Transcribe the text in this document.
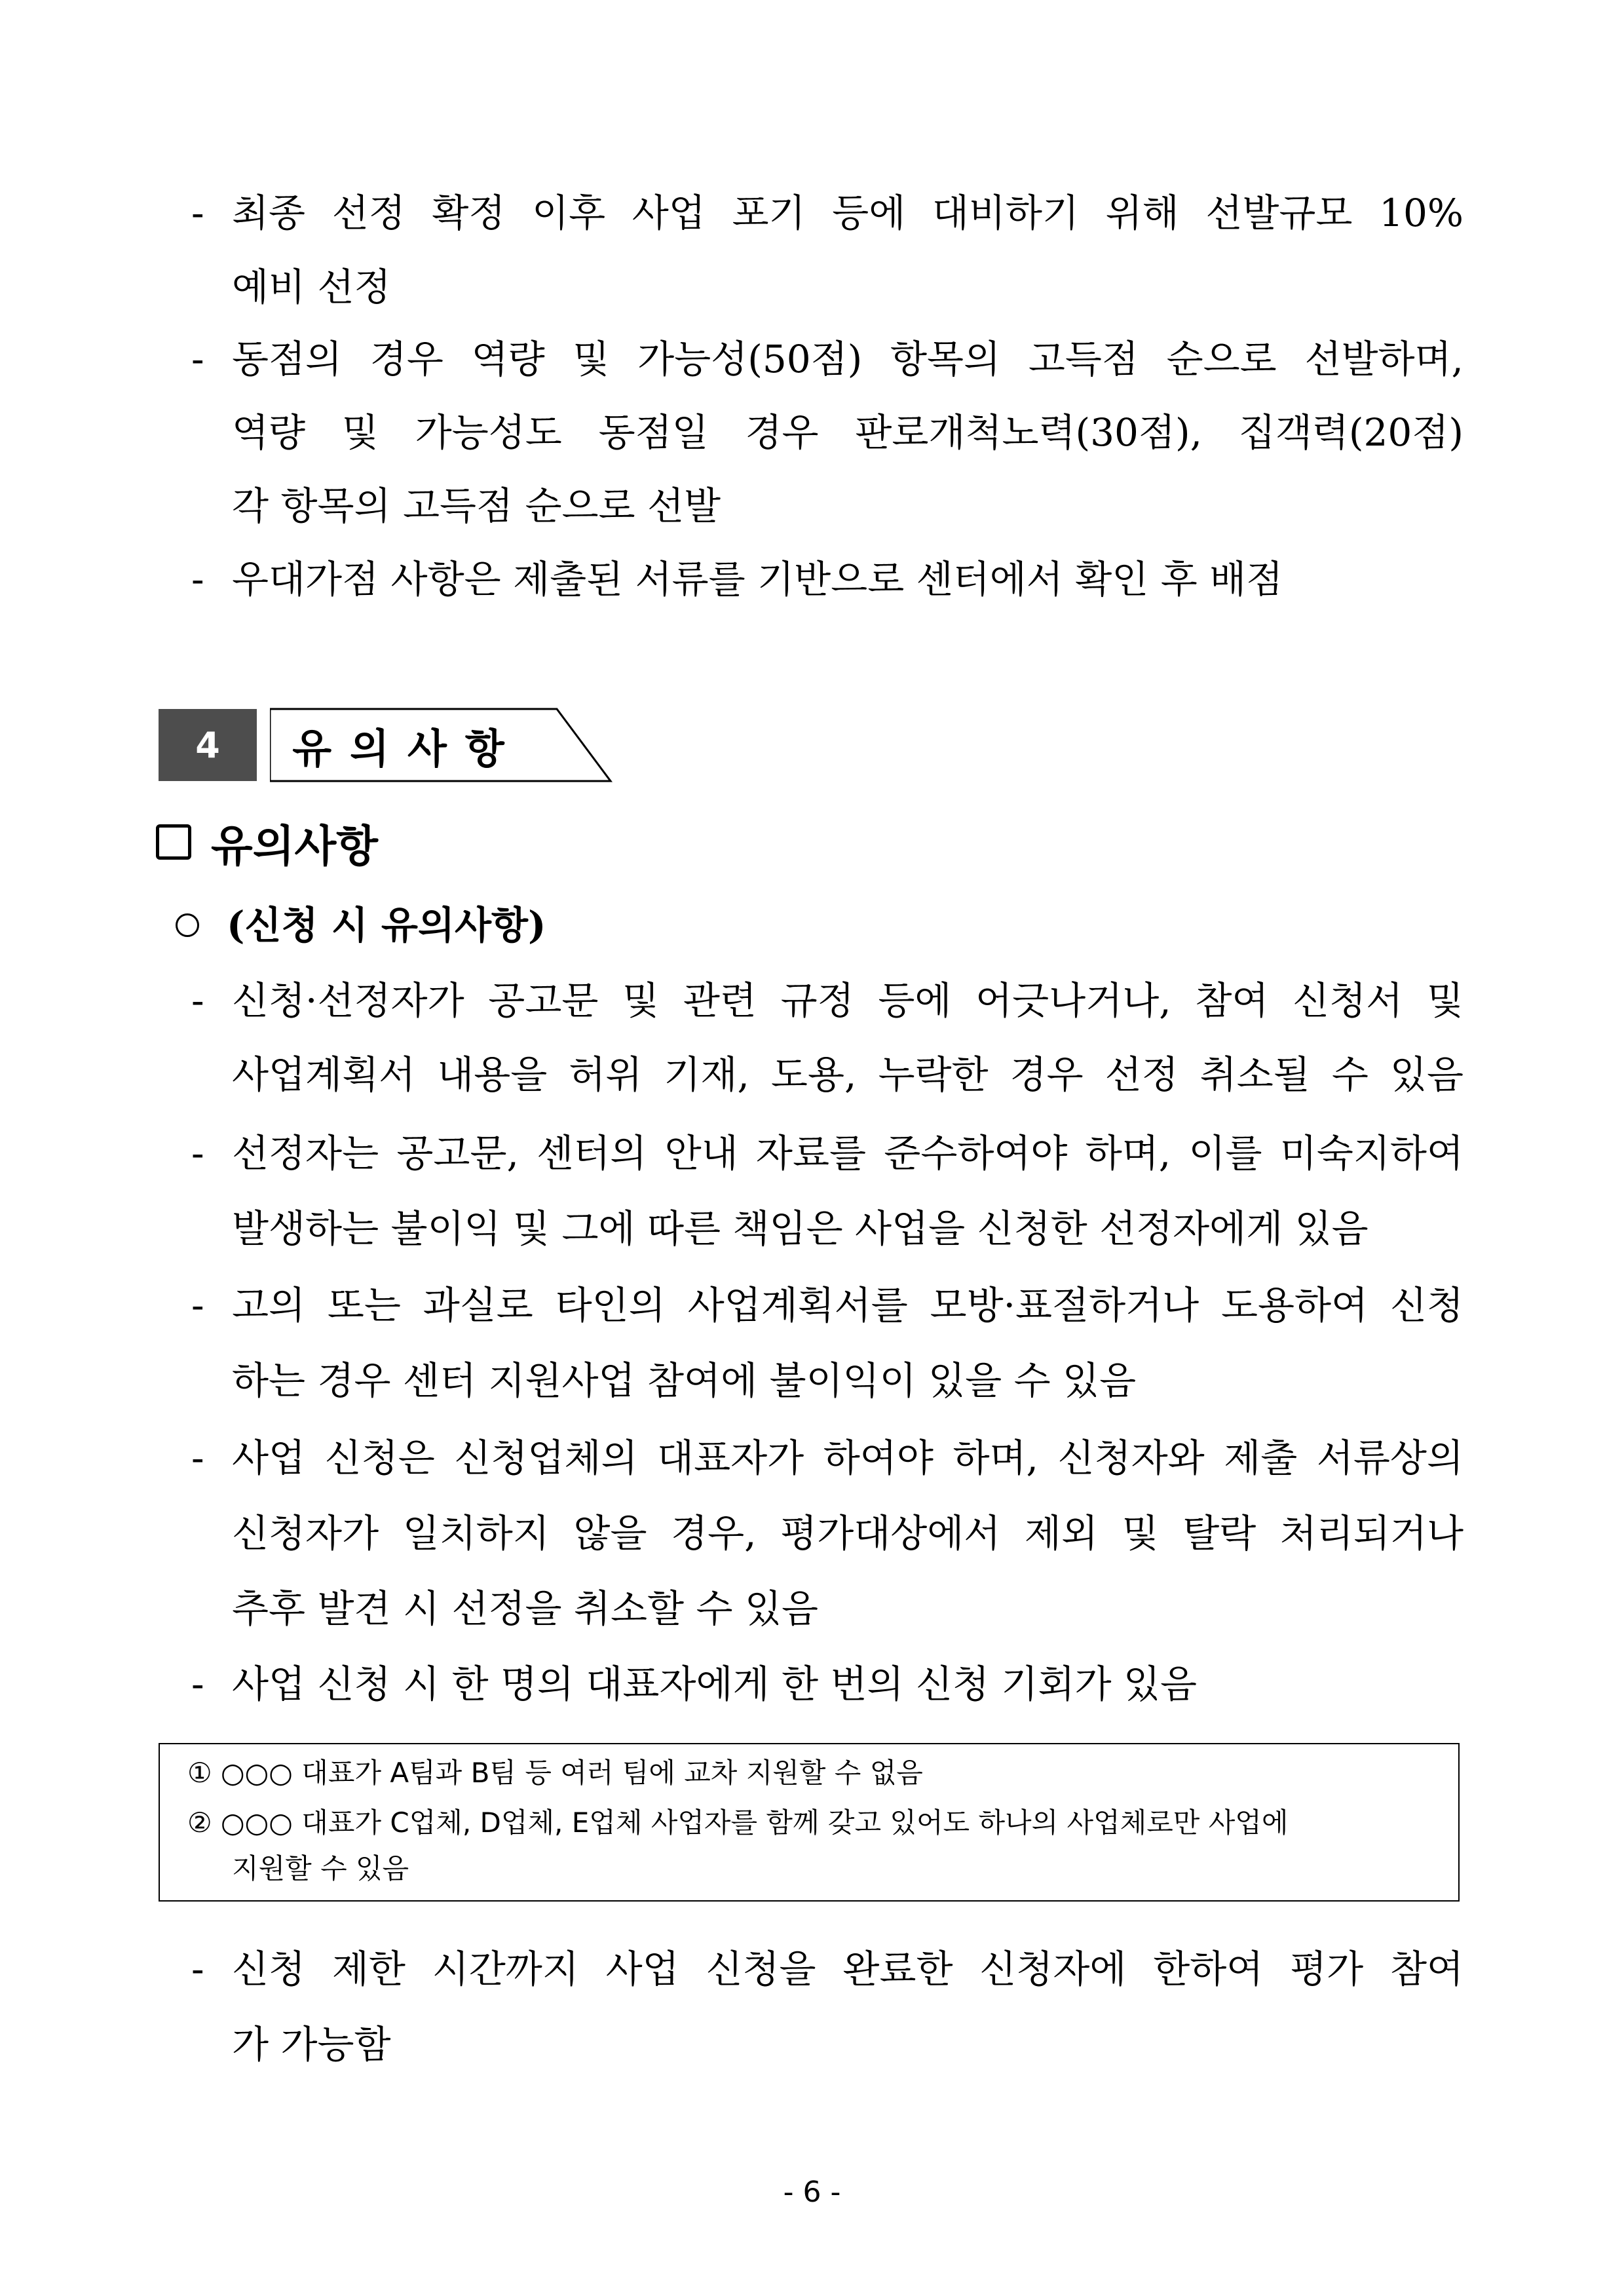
- 최종 선정 확정 이후 사업 포기 등에 대비하기 위해 선발규모 10%
예비 선정
- 동점의 경우 역량 및 가능성(50점) 항목의 고득점 순으로 선발하며,
역량 및 가능성도 동점일 경우 판로개척노력(30점), 집객력(20점)
각 항목의 고득점 순으로 선발
- 우대가점 사항은 제출된 서류를 기반으로 센터에서 확인 후 배점
4	유의사항
유의사항
(신청 시 유의사항)
- 신청·선정자가 공고문 및 관련 규정 등에 어긋나거나, 참여 신청서 및
사업계획서 내용을 허위 기재, 도용, 누락한 경우 선정 취소될 수 있음
- 선정자는 공고문, 센터의 안내 자료를 준수하여야 하며, 이를 미숙지하여
발생하는 불이익 및 그에 따른 책임은 사업을 신청한 선정자에게 있음
- 고의 또는 과실로 타인의 사업계획서를 모방·표절하거나 도용하여 신청
하는 경우 센터 지원사업 참여에 불이익이 있을 수 있음
- 사업 신청은 신청업체의 대표자가 하여야 하며, 신청자와 제출 서류상의
신청자가 일치하지 않을 경우, 평가대상에서 제외 및 탈락 처리되거나
추후 발견 시 선정을 취소할 수 있음
- 사업 신청 시 한 명의 대표자에게 한 번의 신청 기회가 있음
① ○○○ 대표가 A팀과 B팀 등 여러 팀에 교차 지원할 수 없음
② ○○○ 대표가 C업체, D업체, E업체 사업자를 함께 갖고 있어도 하나의 사업체로만 사업에
지원할 수 있음
- 신청 제한 시간까지 사업 신청을 완료한 신청자에 한하여 평가 참여
가 가능함
- 6 -
